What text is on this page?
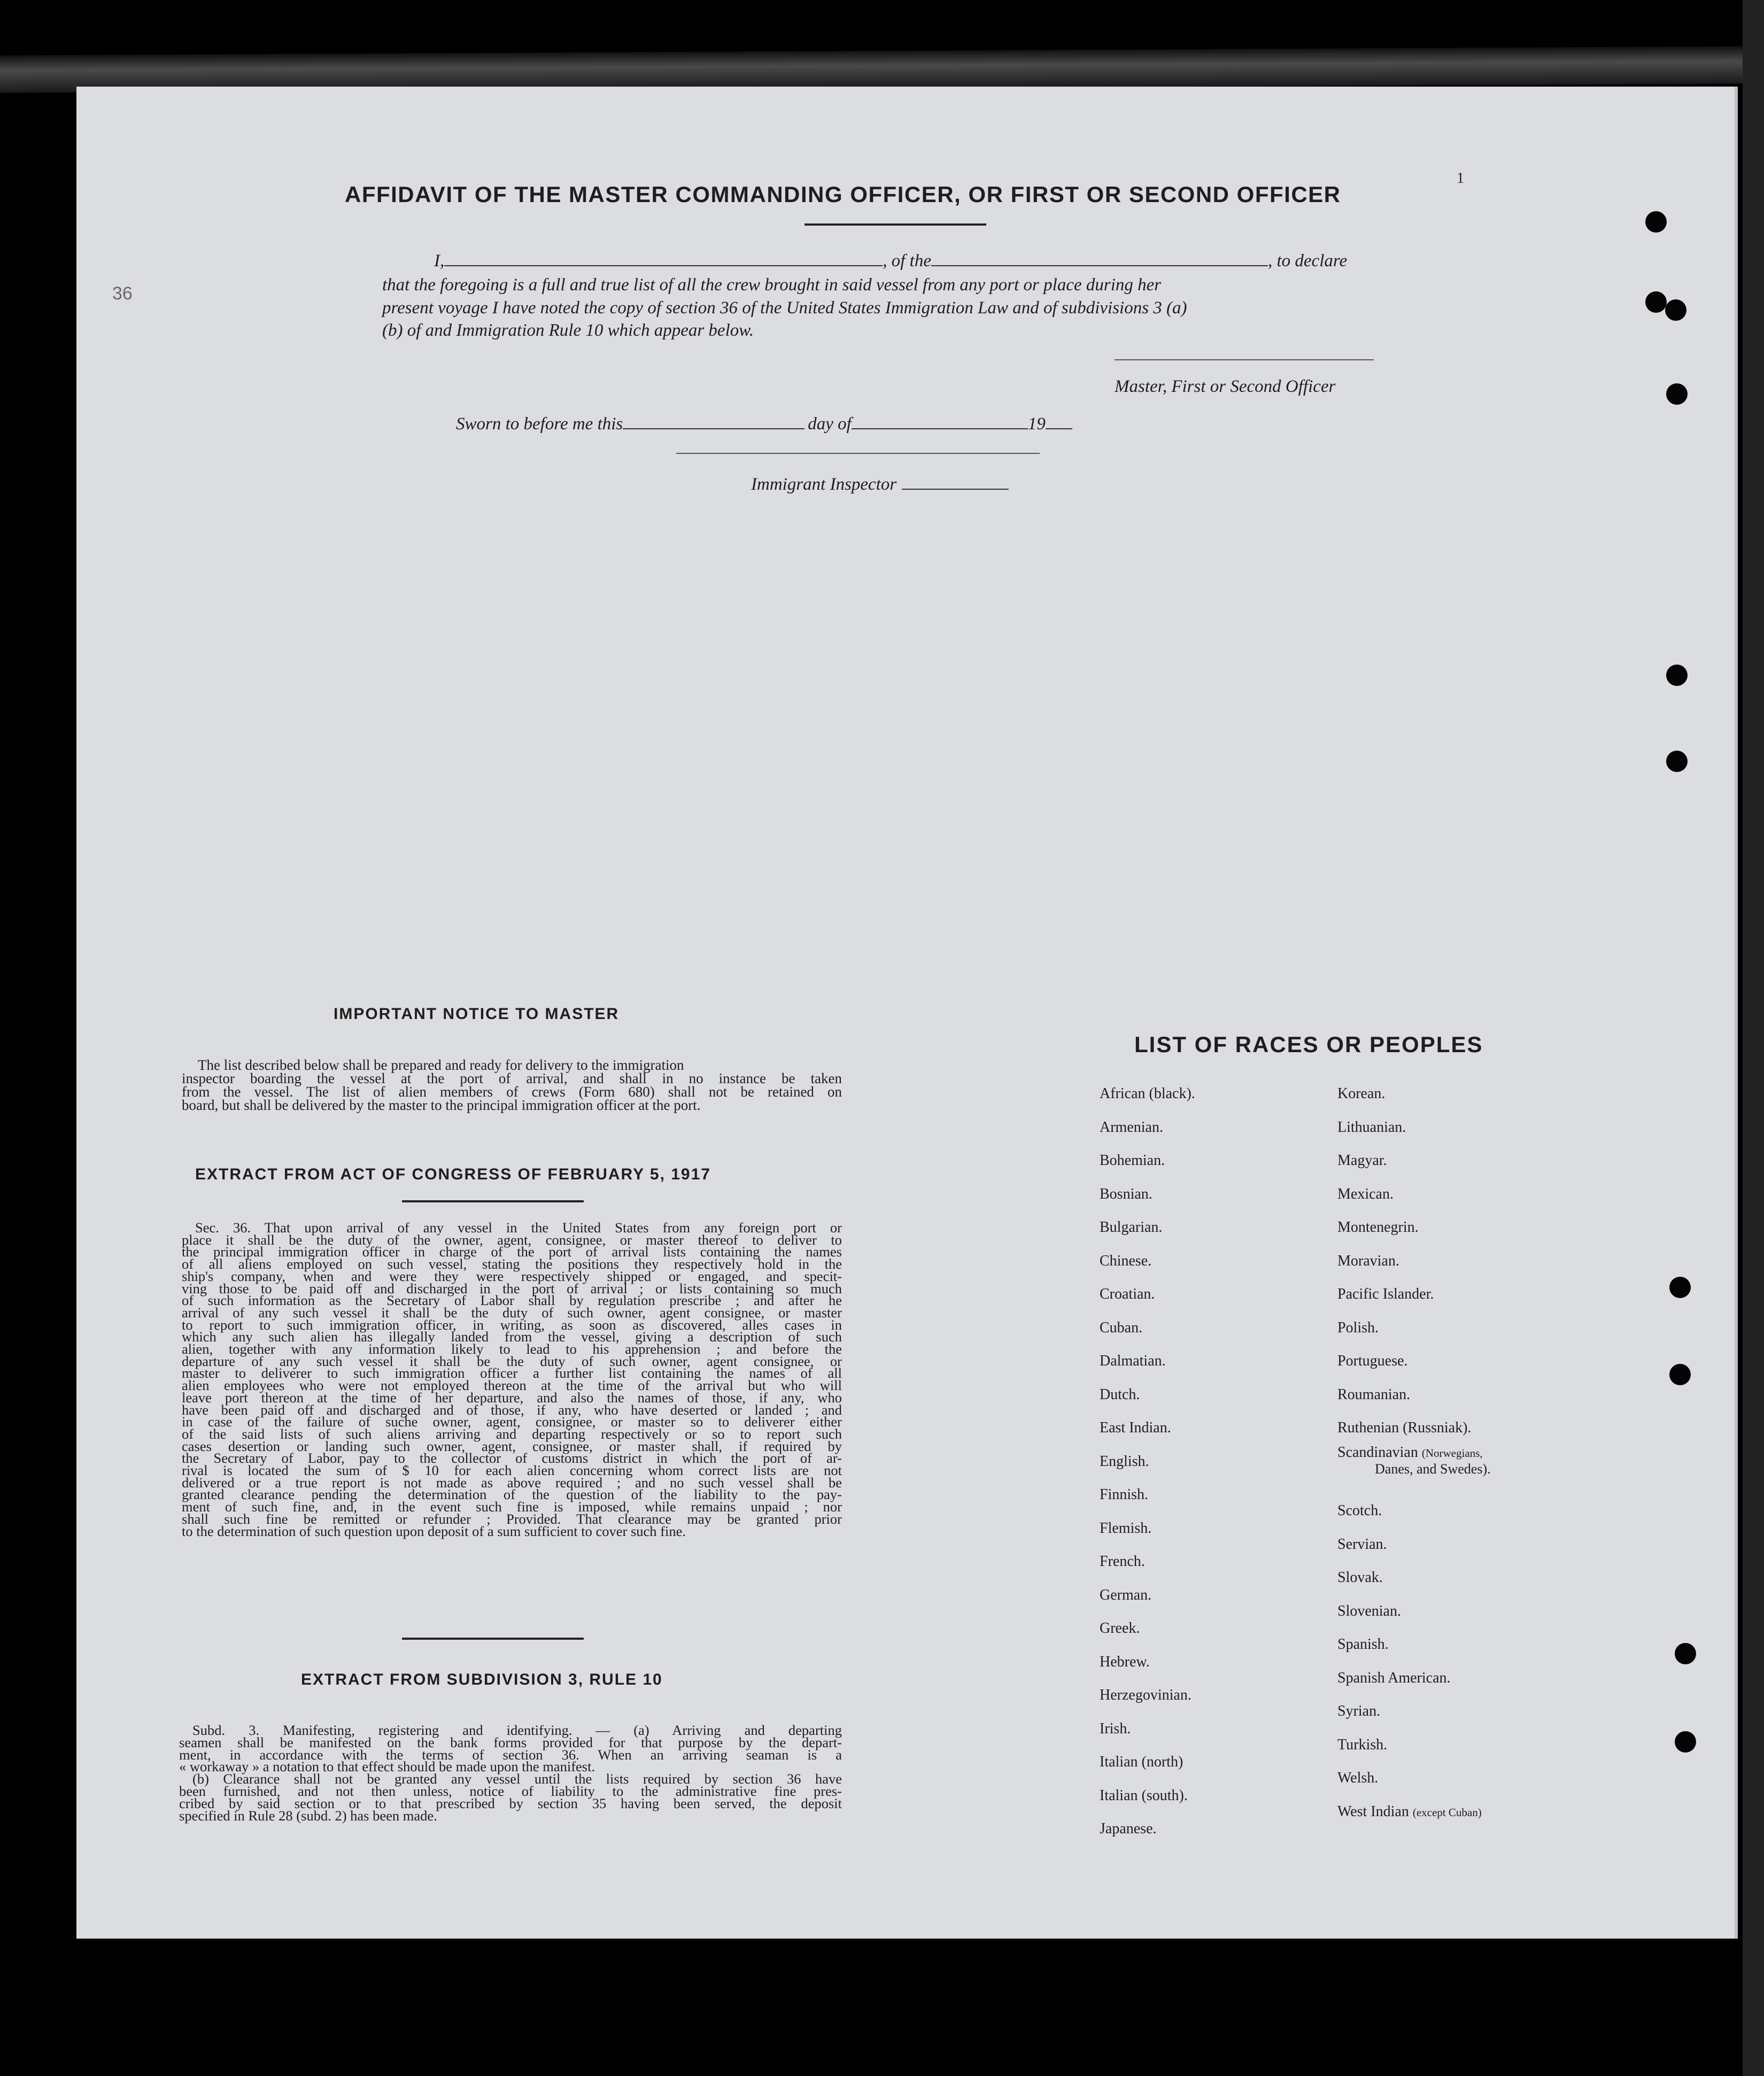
36
1
AFFIDAVIT OF THE MASTER COMMANDING OFFICER, OR FIRST OR SECOND OFFICER
I,	, of the	, to declare
that the foregoing is a full and true list of all the crew brought in said vessel from any port or place during her
present voyage I have noted the copy of section 36 of the United States Immigration Law and of subdivisions 3 (a)
(b) of and Immigration Rule 10 which appear below.
Master, First or Second Officer
Sworn to before me this	day of	19
Immigrant Inspector
IMPORTANT NOTICE TO MASTER
The list described below shall be prepared and ready for delivery to the immigration
inspector boarding the vessel at the port of arrival, and shall in no instance be taken
from the vessel. The list of alien members of crews (Form 680) shall not be retained on
board, but shall be delivered by the master to the principal immigration officer at the port.
EXTRACT FROM ACT OF CONGRESS OF FEBRUARY 5, 1917
Sec. 36. That upon arrival of any vessel in the United States from any foreign port or
place it shall be the duty of the owner, agent, consignee, or master thereof to deliver to
the principal immigration officer in charge of the port of arrival lists containing the names
of all aliens employed on such vessel, stating the positions they respectively hold in the
ship's company, when and were they were respectively shipped or engaged, and specit-
ving those to be paid off and discharged in the port of arrival ; or lists containing so much
of such information as the Secretary of Labor shall by regulation prescribe ; and after he
arrival of any such vessel it shall be the duty of such owner, agent consignee, or master
to report to such immigration officer, in writing, as soon as discovered, alles cases in
which any such alien has illegally landed from the vessel, giving a description of such
alien, together with any information likely to lead to his apprehension ; and before the
departure of any such vessel it shall be the duty of such owner, agent consignee, or
master to deliverer to such immigration officer a further list containing the names of all
alien employees who were not employed thereon at the time of the arrival but who will
leave port thereon at the time of her departure, and also the names of those, if any, who
have been paid off and discharged and of those, if any, who have deserted or landed ; and
in case of the failure of suche owner, agent, consignee, or master so to deliverer either
of the said lists of such aliens arriving and departing respectively or so to report such
cases desertion or landing such owner, agent, consignee, or master shall, if required by
the Secretary of Labor, pay to the collector of customs district in which the port of ar-
rival is located the sum of $ 10 for each alien concerning whom correct lists are not
delivered or a true report is not made as above required ; and no such vessel shall be
granted clearance pending the determination of the question of the liability to the pay-
ment of such fine, and, in the event such fine is imposed, while remains unpaid ; nor
shall such fine be remitted or refunder ; Provided. That clearance may be granted prior
to the determination of such question upon deposit of a sum sufficient to cover such fine.
EXTRACT FROM SUBDIVISION 3, RULE 10
Subd. 3. Manifesting, registering and identifying. — (a) Arriving and departing
seamen shall be manifested on the bank forms provided for that purpose by the depart-
ment, in accordance with the terms of section 36. When an arriving seaman is a
« workaway » a notation to that effect should be made upon the manifest.
(b) Clearance shall not be granted any vessel until the lists required by section 36 have
been furnished, and not then unless, notice of liability to the administrative fine pres-
cribed by said section or to that prescribed by section 35 having been served, the deposit
specified in Rule 28 (subd. 2) has been made.
LIST OF RACES OR PEOPLES
African (black).
Armenian.
Bohemian.
Bosnian.
Bulgarian.
Chinese.
Croatian.
Cuban.
Dalmatian.
Dutch.
East Indian.
English.
Finnish.
Flemish.
French.
German.
Greek.
Hebrew.
Herzegovinian.
Irish.
Italian (north)
Italian (south).
Japanese.
Korean.
Lithuanian.
Magyar.
Mexican.
Montenegrin.
Moravian.
Pacific Islander.
Polish.
Portuguese.
Roumanian.
Ruthenian (Russniak).
Scandinavian (Norwegians,
Danes, and Swedes).
Scotch.
Servian.
Slovak.
Slovenian.
Spanish.
Spanish American.
Syrian.
Turkish.
Welsh.
West Indian (except Cuban)
